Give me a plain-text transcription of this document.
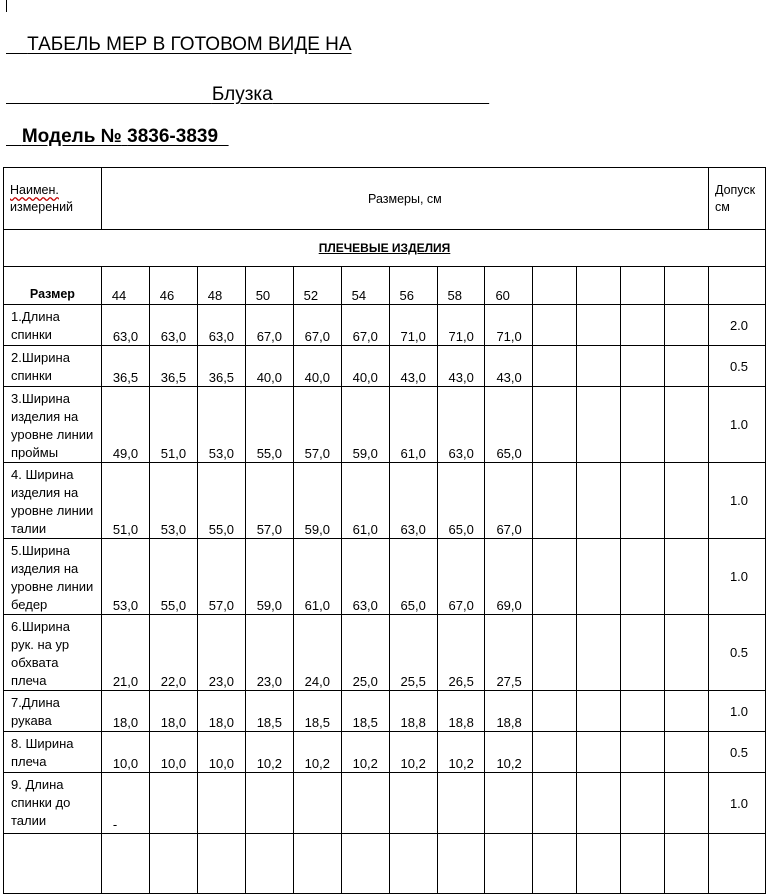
ТАБЕЛЬ МЕР В ГОТОВОМ ВИДЕ НА
Блузка
Модель № 3836-3839
Наимен.
измерений	Размеры, см													Допуск
см
ПЛЕЧЕВЫЕ ИЗДЕЛИЯ														
Размер	44	46	48	50	52	54	56	58	60					

1.Длина
спинки	63,0	63,0	63,0	67,0	67,0	67,0	71,0	71,0	71,0					2.0

2.Ширина
спинки	36,5	36,5	36,5	40,0	40,0	40,0	43,0	43,0	43,0					0.5

3.Ширина
изделия на
уровне линии
проймы	49,0	51,0	53,0	55,0	57,0	59,0	61,0	63,0	65,0					1.0

4. Ширина
изделия на
уровне линии
талии	51,0	53,0	55,0	57,0	59,0	61,0	63,0	65,0	67,0					1.0

5.Ширина
изделия на
уровне линии
бедер	53,0	55,0	57,0	59,0	61,0	63,0	65,0	67,0	69,0					1.0

6.Ширина
рук. на ур
обхвата
плеча	21,0	22,0	23,0	23,0	24,0	25,0	25,5	26,5	27,5					0.5

7.Длина
рукава	18,0	18,0	18,0	18,5	18,5	18,5	18,8	18,8	18,8					1.0

8. Ширина
плеча	10,0	10,0	10,0	10,2	10,2	10,2	10,2	10,2	10,2					0.5

9. Длина
спинки до
талии	-													1.0
